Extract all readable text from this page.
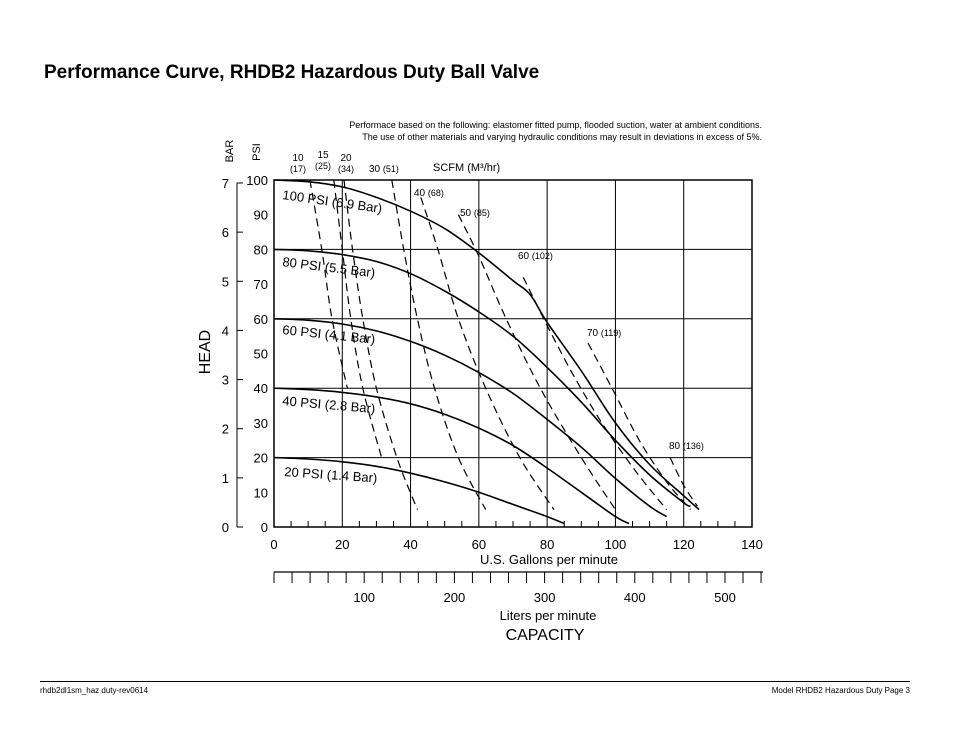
Performance Curve, RHDB2 Hazardous Duty Ball Valve
Performace based on the following: elastomer fitted pump, flooded suction, water at ambient conditions.
The use of other materials and varying hydraulic conditions may result in deviations in excess of 5%.
0	20	40	60	80	100	120	140
0
10
20
30
40
50
60
70
80
90
100
0
1
2
3
4
5
6
7
BAR PSI
HEAD
U.S. Gallons per minute
SCFM (M³/hr)
100	200	300	400	500
Liters per minute
CAPACITY
10
(17)
15
(25)
20
(34) 30 (51)
40 (68)
50 (85)
60 (102)
70 (119)
80 (136)
100 PSI (6.9 Bar)
80 PSI (5.5 Bar)
60 PSI (4.1 Bar)
40 PSI (2.8 Bar)
20 PSI (1.4 Bar)
rhdb2dl1sm_haz duty-rev0614	Model RHDB2 Hazardous Duty Page 3
